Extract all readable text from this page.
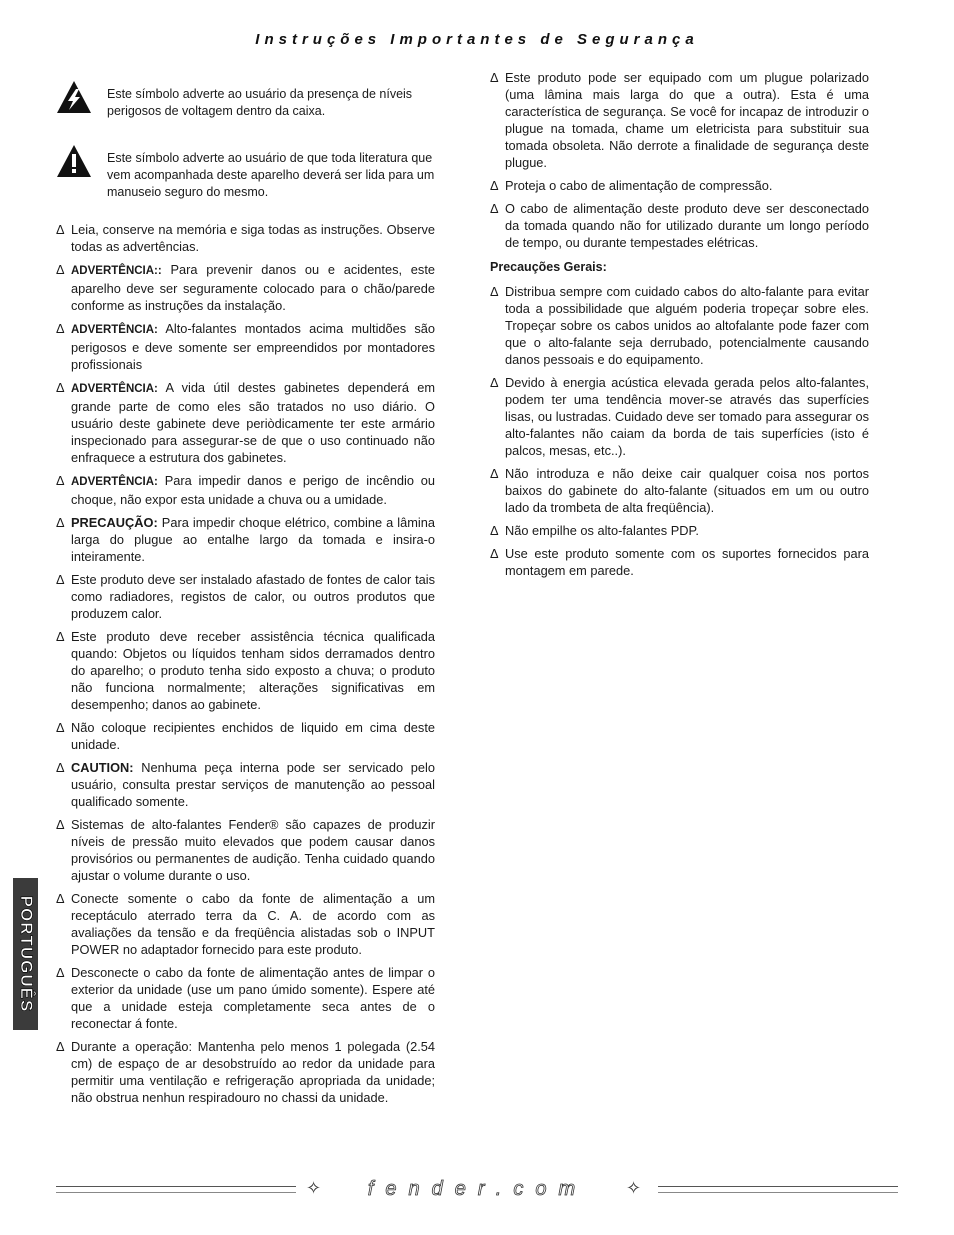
Instruções Importantes de Segurança
Este símbolo adverte ao usuário da presença de níveis perigosos de voltagem dentro da caixa.
Este símbolo adverte ao usuário de que toda literatura que vem acompanhada deste aparelho deverá ser lida para um manuseio seguro do mesmo.
Δ Leia, conserve na memória e siga todas as instruções. Observe todas as advertências.
Δ ADVERTÊNCIA:: Para prevenir danos ou e acidentes, este aparelho deve ser seguramente colocado para o chão/parede conforme as instruções da instalação.
Δ ADVERTÊNCIA: Alto-falantes montados acima multidões são perigosos e deve somente ser empreendidos por montadores profissionais
Δ ADVERTÊNCIA: A vida útil destes gabinetes dependerá em grande parte de como eles são tratados no uso diário. O usuário deste gabinete deve periòdicamente ter este armário inspecionado para assegurar-se de que o uso continuado não enfraquece a estrutura dos gabinetes.
Δ ADVERTÊNCIA: Para impedir danos e perigo de incêndio ou choque, não expor esta unidade a chuva ou a umidade.
Δ PRECAUÇÃO: Para impedir choque elétrico, combine a lâmina larga do plugue ao entalhe largo da tomada e insira-o inteiramente.
Δ Este produto deve ser instalado afastado de fontes de calor tais como radiadores, registos de calor, ou outros produtos que produzem calor.
Δ Este produto deve receber assistência técnica qualificada quando: Objetos ou líquidos tenham sidos derramados dentro do aparelho; o produto tenha sido exposto a chuva; o produto não funciona normalmente; alterações significativas em desempenho; danos ao gabinete.
Δ Não coloque recipientes enchidos de liquido em cima deste unidade.
Δ CAUTION: Nenhuma peça interna pode ser servicado pelo usuário, consulta prestar serviços de manutenção ao pessoal qualificado somente.
Δ Sistemas de alto-falantes Fender® são capazes de produzir níveis de pressão muito elevados que podem causar danos provisórios ou permanentes de audição. Tenha cuidado quando ajustar o volume durante o uso.
Δ Conecte somente o cabo da fonte de alimentação a um receptáculo aterrado terra da C. A. de acordo com as avaliações da tensão e da freqüência alistadas sob o INPUT POWER no adaptador fornecido para este produto.
Δ Desconecte o cabo da fonte de alimentação antes de limpar o exterior da unidade (use um pano úmido somente). Espere até que a unidade esteja completamente seca antes de o reconectar á fonte.
Δ Durante a operação: Mantenha pelo menos 1 polegada (2.54 cm) de espaço de ar desobstruído ao redor da unidade para permitir uma ventilação e refrigeração apropriada da unidade; não obstrua nenhun respiradouro no chassi da unidade.
Δ Este produto pode ser equipado com um plugue polarizado (uma lâmina mais larga do que a outra). Esta é uma característica de segurança. Se você for incapaz de introduzir o plugue na tomada, chame um eletricista para substituir sua tomada obsoleta. Não derrote a finalidade de segurança deste plugue.
Δ Proteja o cabo de alimentação de compressão.
Δ O cabo de alimentação deste produto deve ser desconectado da tomada quando não for utilizado durante um longo período de tempo, ou durante tempestades elétricas.
Precauções Gerais:
Δ Distribua sempre com cuidado cabos do alto-falante para evitar toda a possibilidade que alguém poderia tropeçar sobre eles. Tropeçar sobre os cabos unidos ao altofalante pode fazer com que o alto-falante seja derrubado, potencialmente causando danos pessoais e do equipamento.
Δ Devido à energia acústica elevada gerada pelos alto-falantes, podem ter uma tendência mover-se através das superfícies lisas, ou lustradas. Cuidado deve ser tomado para assegurar os alto-falantes não caiam da borda de tais superfícies (isto é palcos, mesas, etc..).
Δ Não introduza e não deixe cair qualquer coisa nos portos baixos do gabinete do alto-falante (situados em um ou outro lado da trombeta de alta freqüência).
Δ Não empilhe os alto-falantes PDP.
Δ Use este produto somente com os suportes fornecidos para montagem em parede.
PORTUGUÊS
✧	fender.com	✧
